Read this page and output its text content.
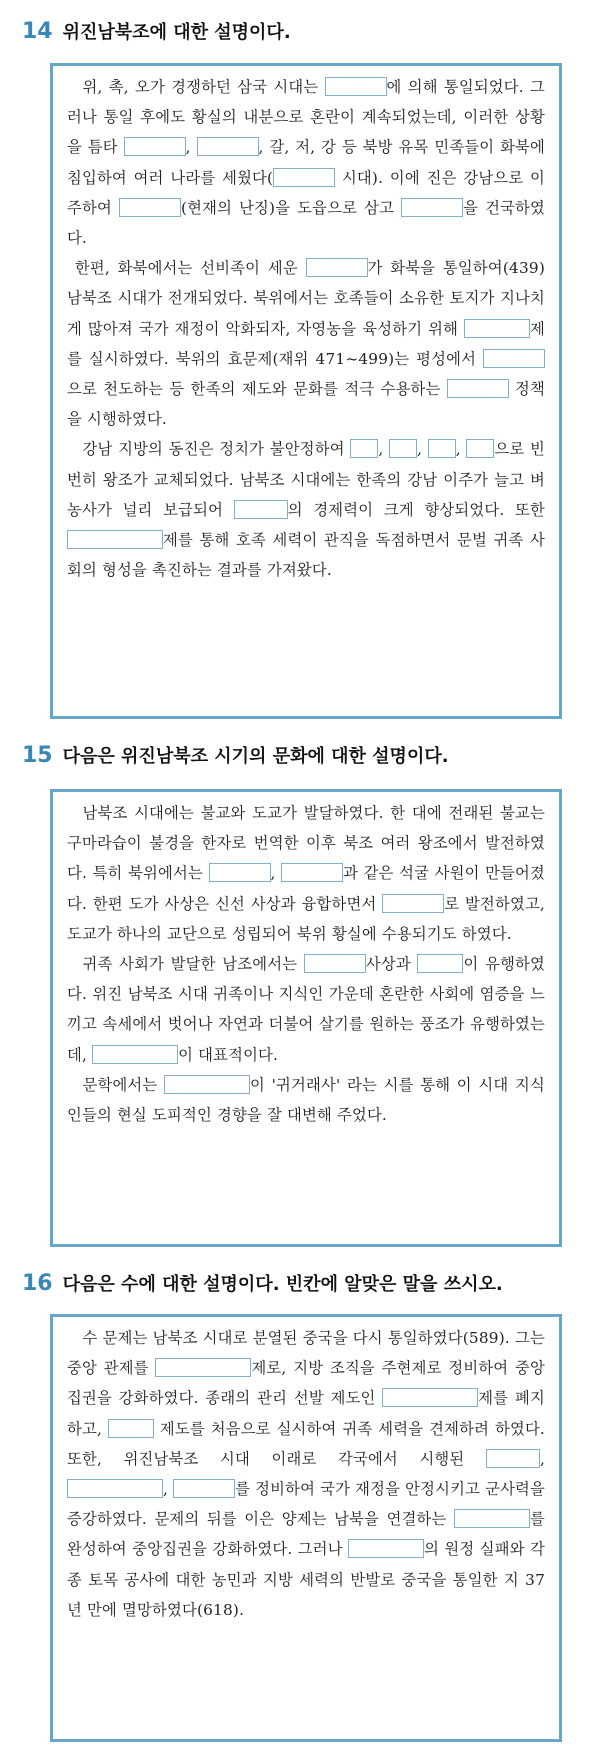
14 위진남북조에 대한 설명이다.

 위, 촉, 오가 경쟁하던 삼국 시대는	에 의해 통일되었다. 그러나 통일 후에도 황실의 내분으로 혼란이 계속되었는데, 이러한 상황을 틈타	,	, 갈, 저, 강 등 북방 유목 민족들이 화북에 침입하여 여러 나라를 세웠다(	시대). 이에 진은 강남으로 이주하여	(현재의 난징)을 도읍으로 삼고	을 건국하였다.

 한편, 화북에서는 선비족이 세운	가 화북을 통일하여(439) 남북조 시대가 전개되었다. 북위에서는 호족들이 소유한 토지가 지나치게 많아져 국가 재정이 악화되자, 자영농을 육성하기 위해	제를 실시하였다. 북위의 효문제(재위 471~499)는 평성에서 으로 천도하는 등 한족의 제도와 문화를 적극 수용하는	정책을 시행하였다.

 강남 지방의 동진은 정치가 불안정하여 , , , 으로 빈번히 왕조가 교체되었다. 남북조 시대에는 한족의 강남 이주가 늘고 벼농사가 널리 보급되어	의 경제력이 크게 향상되었다. 또한 제를 통해 호족 세력이 관직을 독점하면서 문벌 귀족 사회의 형성을 촉진하는 결과를 가져왔다.

15 다음은 위진남북조 시기의 문화에 대한 설명이다.

 남북조 시대에는 불교와 도교가 발달하였다. 한 대에 전래된 불교는 구마라습이 불경을 한자로 번역한 이후 북조 여러 왕조에서 발전하였다. 특히 북위에서는	,	과 같은 석굴 사원이 만들어졌다. 한편 도가 사상은 신선 사상과 융합하면서	로 발전하였고, 도교가 하나의 교단으로 성립되어 북위 황실에 수용되기도 하였다.

 귀족 사회가 발달한 남조에서는	사상과	이 유행하였다. 위진 남북조 시대 귀족이나 지식인 가운데 혼란한 사회에 염증을 느끼고 속세에서 벗어나 자연과 더불어 살기를 원하는 풍조가 유행하였는데,	이 대표적이다.

 문학에서는	이 '귀거래사' 라는 시를 통해 이 시대 지식인들의 현실 도피적인 경향을 잘 대변해 주었다.

16 다음은 수에 대한 설명이다. 빈칸에 알맞은 말을 쓰시오.

 수 문제는 남북조 시대로 분열된 중국을 다시 통일하였다(589). 그는 중앙 관제를	제로, 지방 조직을 주현제로 정비하여 중앙 집권을 강화하였다. 종래의 관리 선발 제도인	제를 폐지하고,	제도를 처음으로 실시하여 귀족 세력을 견제하려 하였다. 또한, 위진남북조 시대 이래로 각국에서 시행된	, ,	를 정비하여 국가 재정을 안정시키고 군사력을 증강하였다. 문제의 뒤를 이은 양제는 남북을 연결하는	를 완성하여 중앙집권을 강화하였다. 그러나	의 원정 실패와 각종 토목 공사에 대한 농민과 지방 세력의 반발로 중국을 통일한 지 37년 만에 멸망하였다(618).
